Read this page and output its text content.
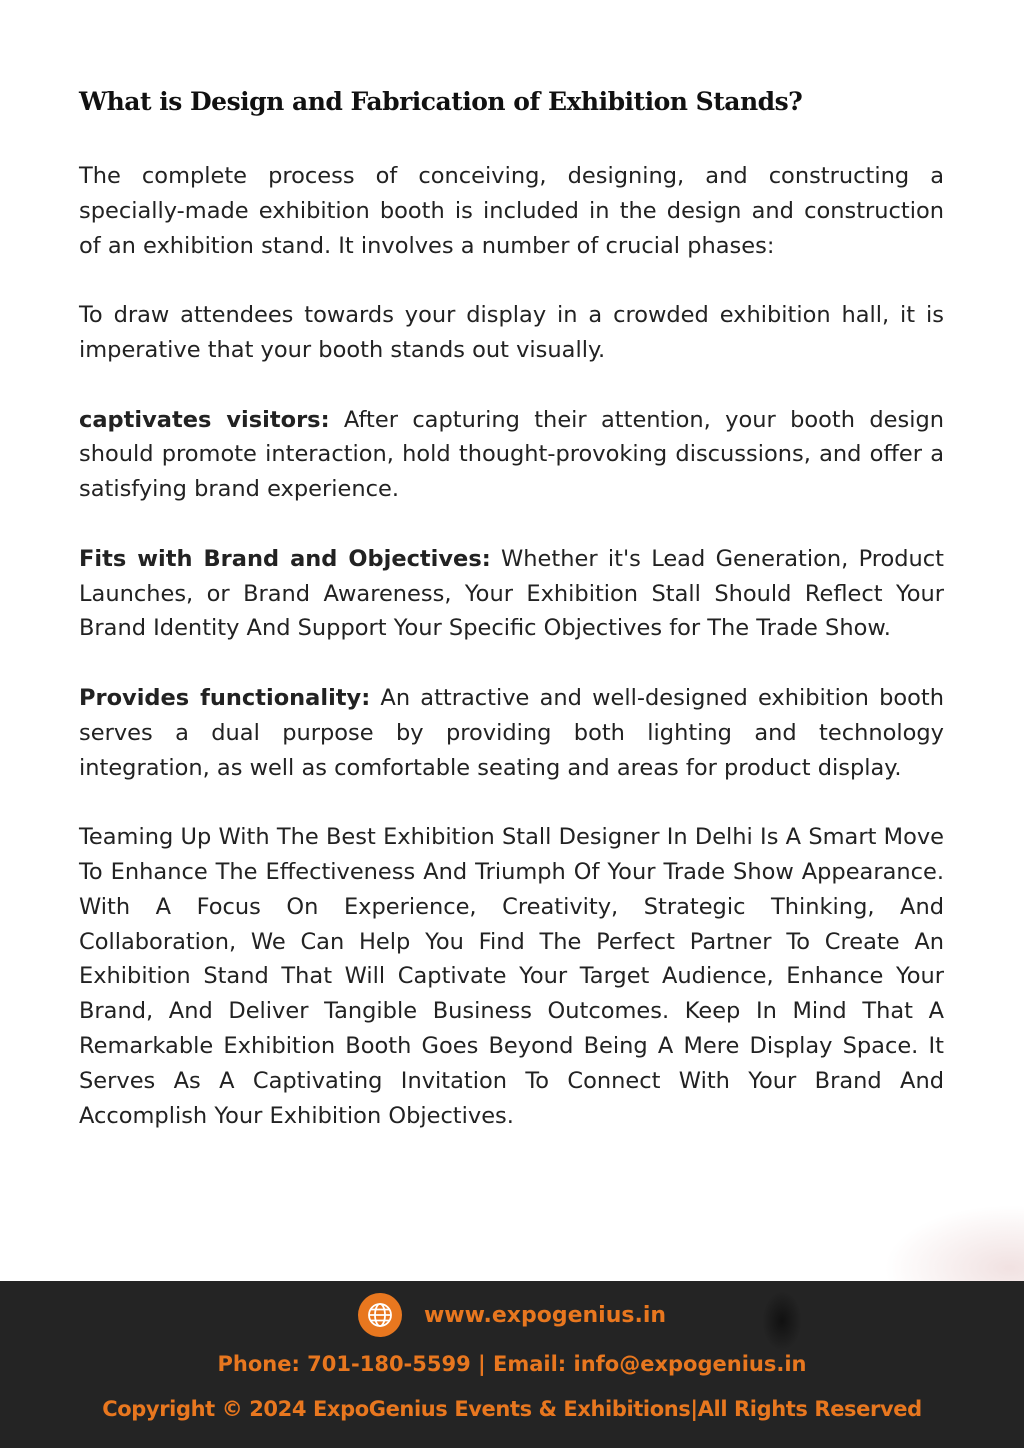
What is Design and Fabrication of Exhibition Stands?

The complete process of conceiving, designing, and constructing a specially-made exhibition booth is included in the design and construction of an exhibition stand. It involves a number of crucial phases:

To draw attendees towards your display in a crowded exhibition hall, it is imperative that your booth stands out visually.

captivates visitors: After capturing their attention, your booth design should promote interaction, hold thought-provoking discussions, and offer a satisfying brand experience.

Fits with Brand and Objectives: Whether it's Lead Generation, Product Launches, or Brand Awareness, Your Exhibition Stall Should Reflect Your Brand Identity And Support Your Specific Objectives for The Trade Show.

Provides functionality: An attractive and well-designed exhibition booth serves a dual purpose by providing both lighting and technology integration, as well as comfortable seating and areas for product display.

Teaming Up With The Best Exhibition Stall Designer In Delhi Is A Smart Move To Enhance The Effectiveness And Triumph Of Your Trade Show Appearance. With A Focus On Experience, Creativity, Strategic Thinking, And Collaboration, We Can Help You Find The Perfect Partner To Create An Exhibition Stand That Will Captivate Your Target Audience, Enhance Your Brand, And Deliver Tangible Business Outcomes. Keep In Mind That A Remarkable Exhibition Booth Goes Beyond Being A Mere Display Space. It Serves As A Captivating Invitation To Connect With Your Brand And Accomplish Your Exhibition Objectives.

www.expogenius.in
Phone: 701-180-5599 | Email: info@expogenius.in
Copyright © 2024 ExpoGenius Events & Exhibitions|All Rights Reserved
